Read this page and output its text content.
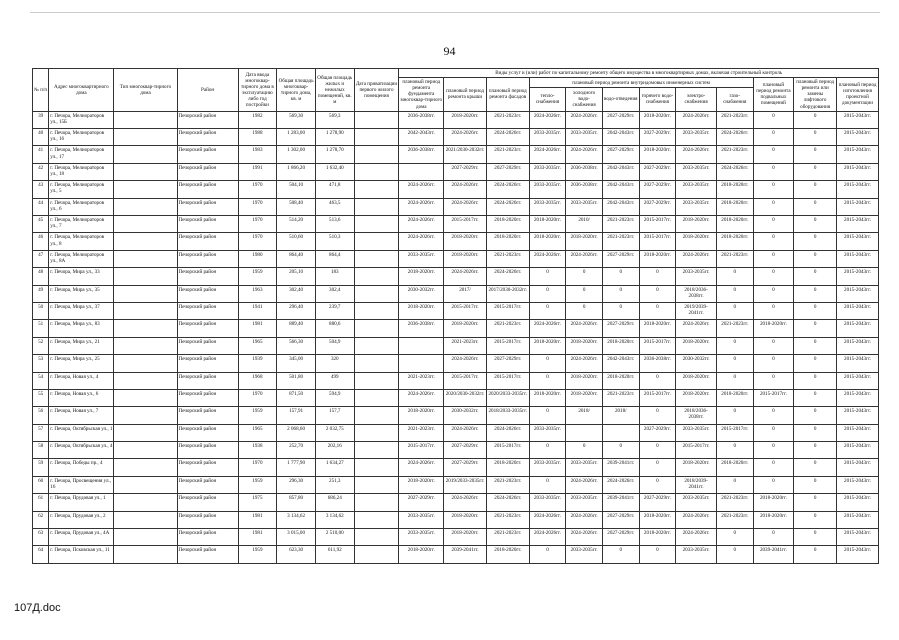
94
№ п/п	Адрес многоквартирного дома	Тип многоквар-тирного дома	Район	Дата ввода многоквар-тирного дома в эксплуатацию либо год постройки	Общая площадь многоквар-тирного дома, кв. м	Общая площадь жилых и нежилых помещений, кв. м	Дата приватизации первого жилого помещения	Виды услуг и (или) работ по капитальному ремонту общего имущества в многоквартирных домах, включая строительный контроль											
								плановый период ремонта фундамента многоквар-тирного дома	плановый период ремонта крыши	плановый период ремонта фасадов	плановый период ремонта внутридомовых инженерных систем						плановый период ремонта подвальных помещений	плановый период ремонта или замены лифтового оборудования	плановый период изготовления проектной документации
											тепло-снабжения	холодного водо-снабжения	водо-отведения	горячего водо-снабжения	электро-снабжения	газо-снабжения			
39	г. Печора, Мелиораторов ул., 15Б		Печорский район	1982	569,30	569,3		2036-2038гг.	2018-2020гг.	2021-2023гг.	2024-2026гг.	2024-2026гг.	2027-2029гг.	2018-2020гг.	2024-2026гг.	2021-2023гг.	0	0	2015-2043гг.
40	г. Печора, Мелиораторов ул., 16		Печорский район	1988	1 283,00	1 278,90		2042-2043гг.	2024-2026гг.	2024-2026гг.	2033-2035гг.	2033-2035гг.	2042-2043гг.	2027-2029гг.	2033-2035гг.	2024-2026гг.	0	0	2015-2043гг.
41	г. Печора, Мелиораторов ул., 17		Печорский район	1983	1 302,00	1 278,70		2036-2038гг.	2021/2030-2032гг.	2021-2023гг.	2024-2026гг.	2024-2026гг.	2027-2029гг.	2018-2020гг.	2024-2026гг.	2021-2023гг.	0	0	2015-2043гг.
42	г. Печора, Мелиораторов ул., 18		Печорский район	1991	1 866,20	1 632,40			2027-2029гг.	2027-2029гг.	2033-2035гг.	2036-2038гг.	2042-2043гг.	2027-2029гг.	2033-2035гг.	2024-2026гг.	0	0	2015-2043гг.
43	г. Печора, Мелиораторов ул., 5		Печорский район	1970	504,10	471,8		2024-2026гг.	2024-2026гг.	2024-2026гг.	2033-2035гг.	2036-2038гг.	2042-2043гг.	2027-2029гг.	2033-2035гг.	2018-2020гг.	0	0	2015-2043гг.
44	г. Печора, Мелиораторов ул., 6		Печорский район	1970	508,40	463,5		2024-2026гг.	2024-2026гг.	2024-2026гг.	2033-2035гг.	2033-2035гг.	2042-2043гг.	2027-2029гг.	2033-2035гг.	2018-2020гг.	0	0	2015-2043гг.
45	г. Печора, Мелиораторов ул., 7		Печорский район	1970	514,20	513,6		2024-2026гг.	2015-2017гг.	2018-2020гг.	2018-2020гг.	2010/	2021-2023гг.	2015-2017гг.	2018-2020гг.	2018-2020гг.	0	0	2015-2043гг.
46	г. Печора, Мелиораторов ул., 8		Печорский район	1970	510,60	510,3		2024-2026гг.	2018-2020гг.	2018-2020гг.	2018-2020гг.	2018-2020гг.	2021-2023гг.	2015-2017гг.	2018-2020гг.	2018-2020гг.	0	0	2015-2043гг.
47	г. Печора, Мелиораторов ул., 8А		Печорский район	1980	864,40	864,4		2033-2035гг.	2018-2020гг.	2021-2023гг.	2024-2026гг.	2024-2026гг.	2027-2029гг.	2018-2020гг.	2024-2026гг.	2021-2023гг.	0	0	2015-2043гг.
48	г. Печора, Мира ул., 33		Печорский район	1959	205,10	183		2018-2020гг.	2024-2026гг.	2024-2026гг.	0	0	0	0	2033-2035гг.	0	0	0	2015-2043гг.
49	г. Печора, Мира ул., 35		Печорский район	1963	302,40	302,4		2030-2032гг.	2017/	2017/2030-2032гг.	0	0	0	0	2018/2036-2038гг.	0	0	0	2015-2043гг.
50	г. Печора, Мира ул., 37		Печорский район	1941	296,40	239,7		2018-2020гг.	2015-2017гг.	2015-2017гг.	0	0	0	0	2019/2039-2041гг.	0	0	0	2015-2043гг.
51	г. Печора, Мира ул., 83		Печорский район	1981	889,40	880,6		2036-2038гг.	2018-2020гг.	2021-2023гг.	2024-2026гг.	2024-2026гг.	2027-2029гг.	2018-2020гг.	2024-2026гг.	2021-2023гг.	2018-2020гг.	0	2015-2043гг.
52	г. Печора, Мира ул., 21		Печорский район	1965	566,30	504,9			2021-2023гг.	2015-2017гг.	2018-2020гг.	2018-2020гг.	2018-2020гг.	2015-2017гг.	2018-2020гг.	0	0	0	2015-2043гг.
53	г. Печора, Мира ул., 25		Печорский район	1939	345,00	320			2024-2026гг.	2027-2029гг.	0	2024-2026гг.	2042-2043гг.	2036-2038гг.	2030-2032гг.	0	0	0	2015-2043гг.
54	г. Печора, Новая ул., 4		Печорский район	1968	501,80	499		2021-2023гг.	2015-2017гг.	2015-2017гг.	0	2018-2020гг.	2018-2020гг.	0	2018-2020гг.	0	0	0	2015-2043гг.
55	г. Печора, Новая ул., 6		Печорский район	1970	871,50	594,9		2024-2026гг.	2020/2030-2032гг.	2020/2033-2035гг.	2018-2020гг.	2018-2020гг.	2021-2023гг.	2015-2017гг.	2018-2020гг.	2018-2020гг.	2015-2017гг.	0	2015-2043гг.
56	г. Печора, Новая ул., 7		Печорский район	1959	157,91	157,7		2018-2020гг.	2030-2032гг.	2018/2033-2035гг.	0	2018/	2018/	0	2018/2036-2038гг.	0	0	0	2015-2043гг.
57	г. Печора, Октябрьская ул., 1		Печорский район	1965	2 068,60	2 032,75		2021-2023гг.	2024-2026гг.	2024-2026гг.	2033-2035гг.			2027-2029гг.	2033-2035гг.	2015-2017гг.	0	0	2015-2043гг.
58	г. Печора, Октябрьская ул., 4		Печорский район	1938	252,70	202,16		2015-2017гг.	2027-2029гг.	2015-2017гг.	0	0	0	0	2015-2017гг.	0	0	0	2015-2043гг.
59	г. Печора, Победы пр., 4		Печорский район	1970	1 777,90	1 634,27		2024-2026гг.	2027-2029гг.	2018-2020гг.	2033-2035гг.	2033-2035гг.	2039-2041гг.	0	2018-2020гг.	2018-2020гг.	0	0	2015-2043гг.
60	г. Печора, Просвещения ул., 16		Печорский район	1959	296,30	251,3		2018-2020гг.	2019/2033-2035гг.	2021-2023гг.	0	2024-2026гг.	2024-2026гг.	0	2018/2039-2041гг.	0	0	0	2015-2043гг.
61	г. Печора, Прудовая ул., 1		Печорский район	1975	857,80	686,24		2027-2029гг.	2024-2026гг.	2024-2026гг.	2033-2035гг.	2033-2035гг.	2039-2041гг.	2027-2029гг.	2033-2035гг.	2021-2023гг.	2018-2020гг.	0	2015-2043гг.
62	г. Печора, Прудовая ул., 2		Печорский район	1981	3 134,62	3 134,62		2033-2035гг.	2018-2020гг.	2021-2023гг.	2024-2026гг.	2024-2026гг.	2027-2029гг.	2018-2020гг.	2024-2026гг.	2021-2023гг.	2018-2020гг.	0	2015-2043гг.
63	г. Печора, Прудовая ул., 4А		Печорский район	1981	3 015,00	2 510,00		2033-2035гг.	2018-2020гг.	2021-2023гг.	2024-2026гг.	2024-2026гг.	2027-2029гг.	2018-2020гг.	2024-2026гг.	0	0	0	2015-2043гг.
64	г. Печора, Псковская ул., 11		Печорский район	1959	623,30	611,92		2018-2020гг.	2039-2041гг.	2018-2020гг.	0	2033-2035гг.	0	0	2033-2035гг.	0	2039-2041гг.	0	2015-2043гг.
107Д.doc
